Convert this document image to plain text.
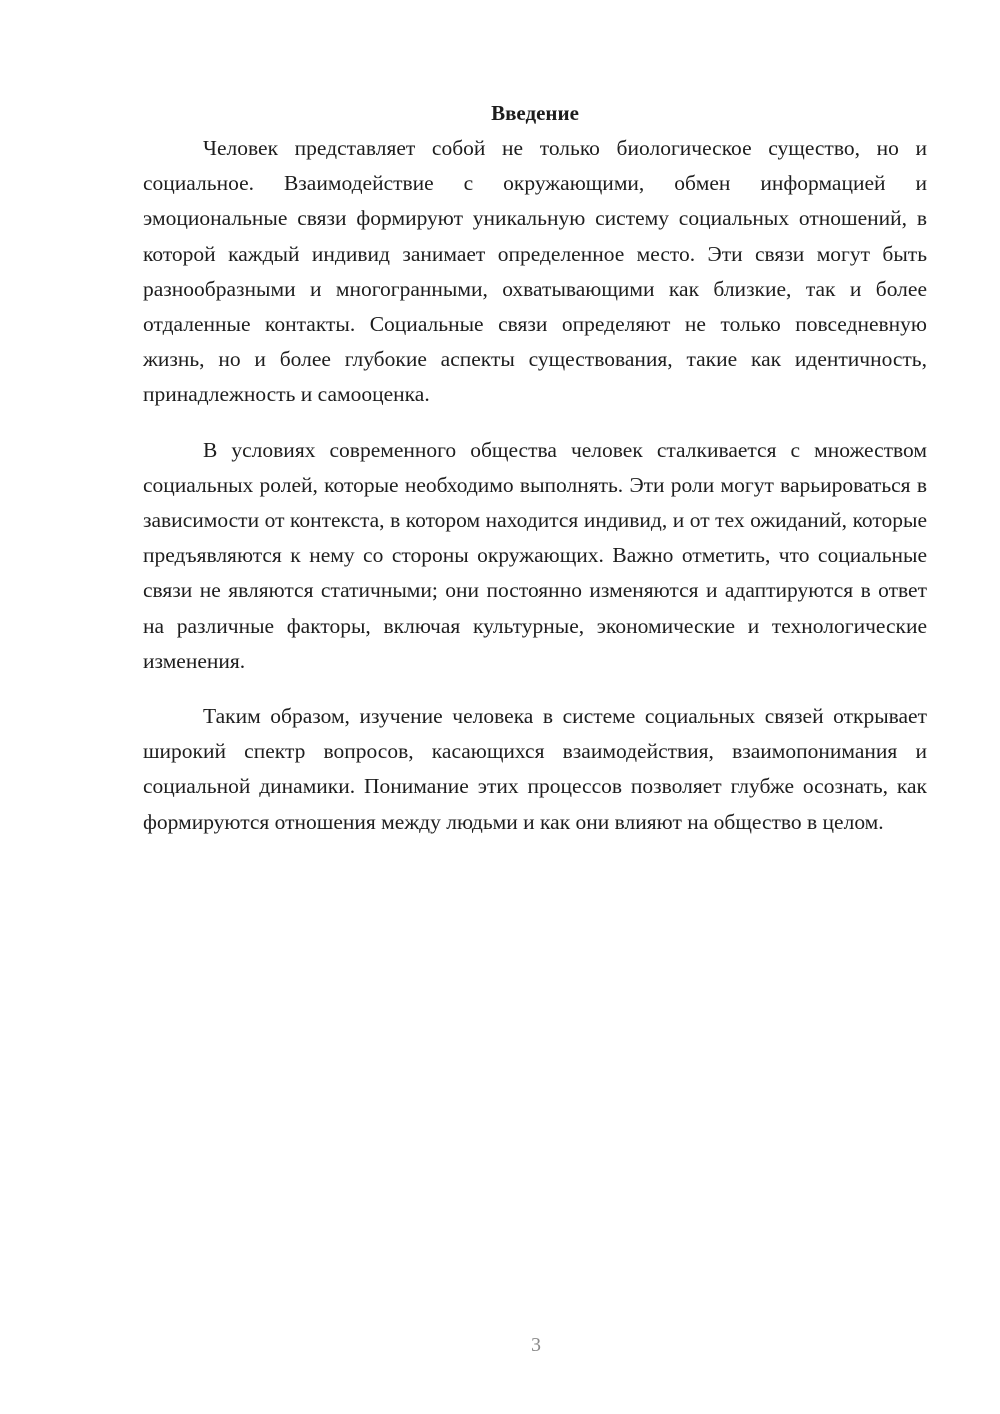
Введение

Человек представляет собой не только биологическое существо, но и социальное. Взаимодействие с окружающими, обмен информацией и эмоциональные связи формируют уникальную систему социальных отношений, в которой каждый индивид занимает определенное место. Эти связи могут быть разнообразными и многогранными, охватывающими как близкие, так и более отдаленные контакты. Социальные связи определяют не только повседневную жизнь, но и более глубокие аспекты существования, такие как идентичность, принадлежность и самооценка.

В условиях современного общества человек сталкивается с множеством социальных ролей, которые необходимо выполнять. Эти роли могут варьироваться в зависимости от контекста, в котором находится индивид, и от тех ожиданий, которые предъявляются к нему со стороны окружающих. Важно отметить, что социальные связи не являются статичными; они постоянно изменяются и адаптируются в ответ на различные факторы, включая культурные, экономические и технологические изменения.

Таким образом, изучение человека в системе социальных связей открывает широкий спектр вопросов, касающихся взаимодействия, взаимопонимания и социальной динамики. Понимание этих процессов позволяет глубже осознать, как формируются отношения между людьми и как они влияют на общество в целом.

3
